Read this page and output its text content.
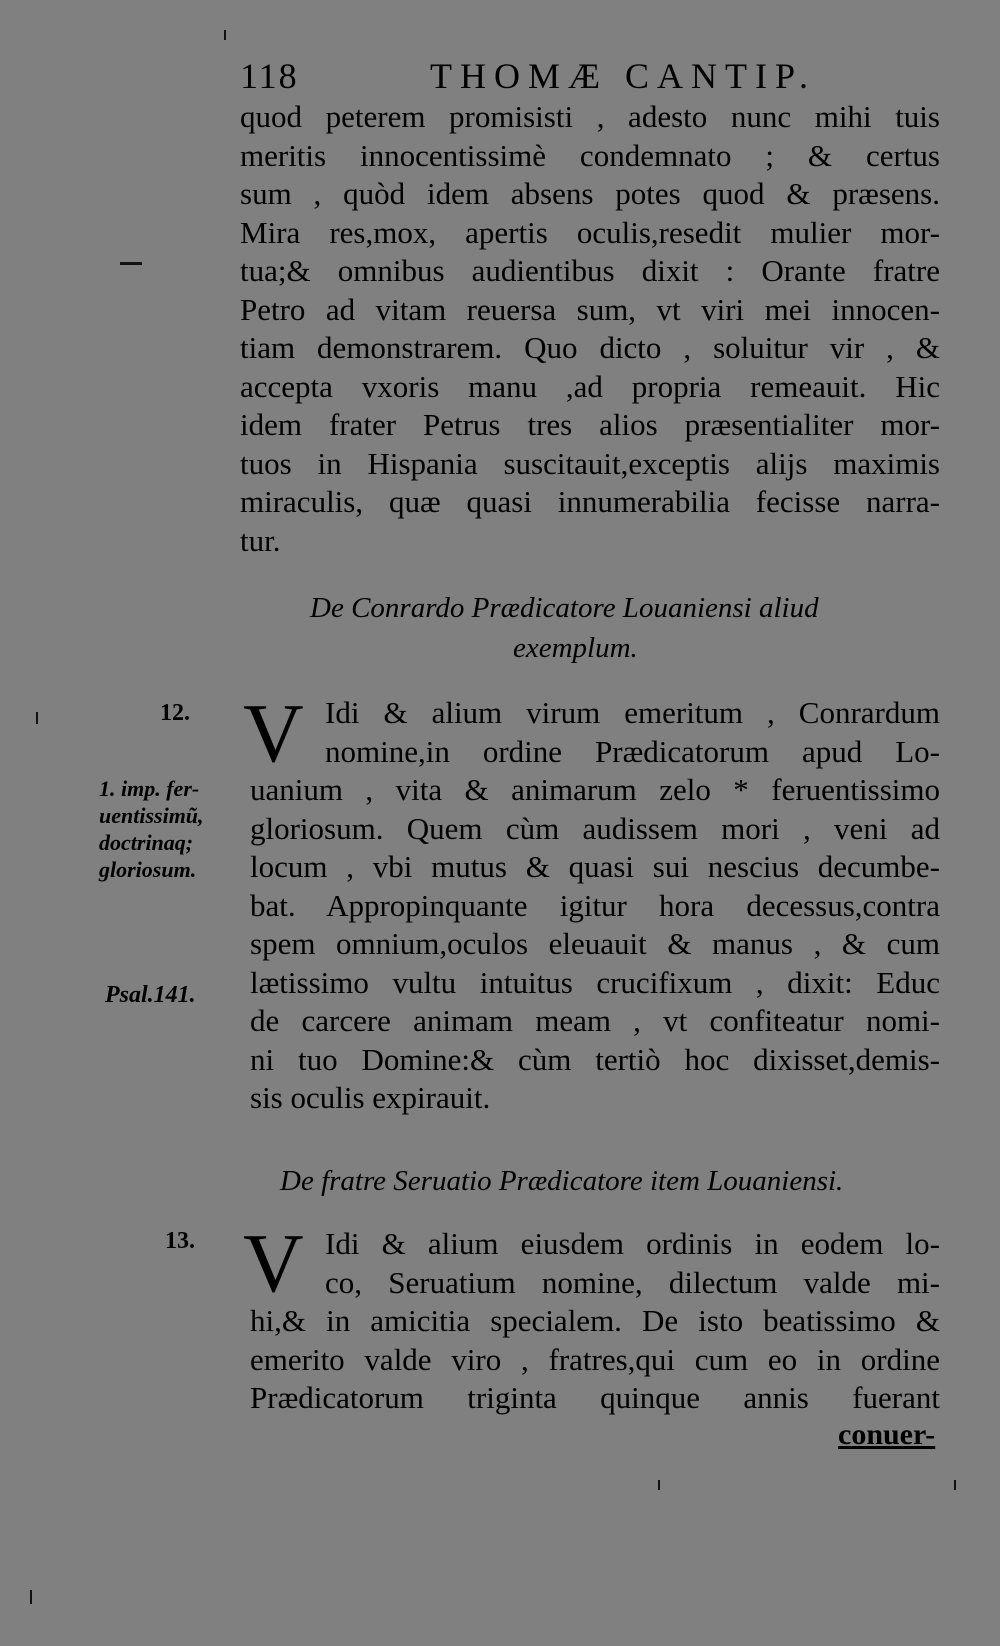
118	THOMÆ CANTIP.
quod peterem promisisti , adesto nunc mihi tuis
meritis innocentissimè condemnato ; & certus
sum , quòd idem absens potes quod & præsens.
Mira res,mox, apertis oculis,resedit mulier mor-
tua;& omnibus audientibus dixit : Orante fratre
Petro ad vitam reuersa sum, vt viri mei innocen-
tiam demonstrarem. Quo dicto , soluitur vir , &
accepta vxoris manu ,ad propria remeauit. Hic
idem frater Petrus tres alios præsentialiter mor-
tuos in Hispania suscitauit,exceptis alijs maximis
miraculis, quæ quasi innumerabilia fecisse narra-
tur.
De Conrardo Prædicatore Louaniensi aliud
exemplum.
12. V
1. imp. fer-
uentissimũ,
doctrinaq;
gloriosum.
Psal.141.
Idi & alium virum emeritum , Conrardum
nomine,in ordine Prædicatorum apud Lo-
uanium , vita & animarum zelo * feruentissimo
gloriosum. Quem cùm audissem mori , veni ad
locum , vbi mutus & quasi sui nescius decumbe-
bat. Appropinquante igitur hora decessus,contra
spem omnium,oculos eleuauit & manus , & cum
lætissimo vultu intuitus crucifixum , dixit: Educ
de carcere animam meam , vt confiteatur nomi-
ni tuo Domine:& cùm tertiò hoc dixisset,demis-
sis oculis expirauit.
De fratre Seruatio Prædicatore item Louaniensi.
13. V Idi & alium eiusdem ordinis in eodem lo-
co, Seruatium nomine, dilectum valde mi-
hi,& in amicitia specialem. De isto beatissimo &
emerito valde viro , fratres,qui cum eo in ordine
Prædicatorum triginta quinque annis fuerant
conuer-
